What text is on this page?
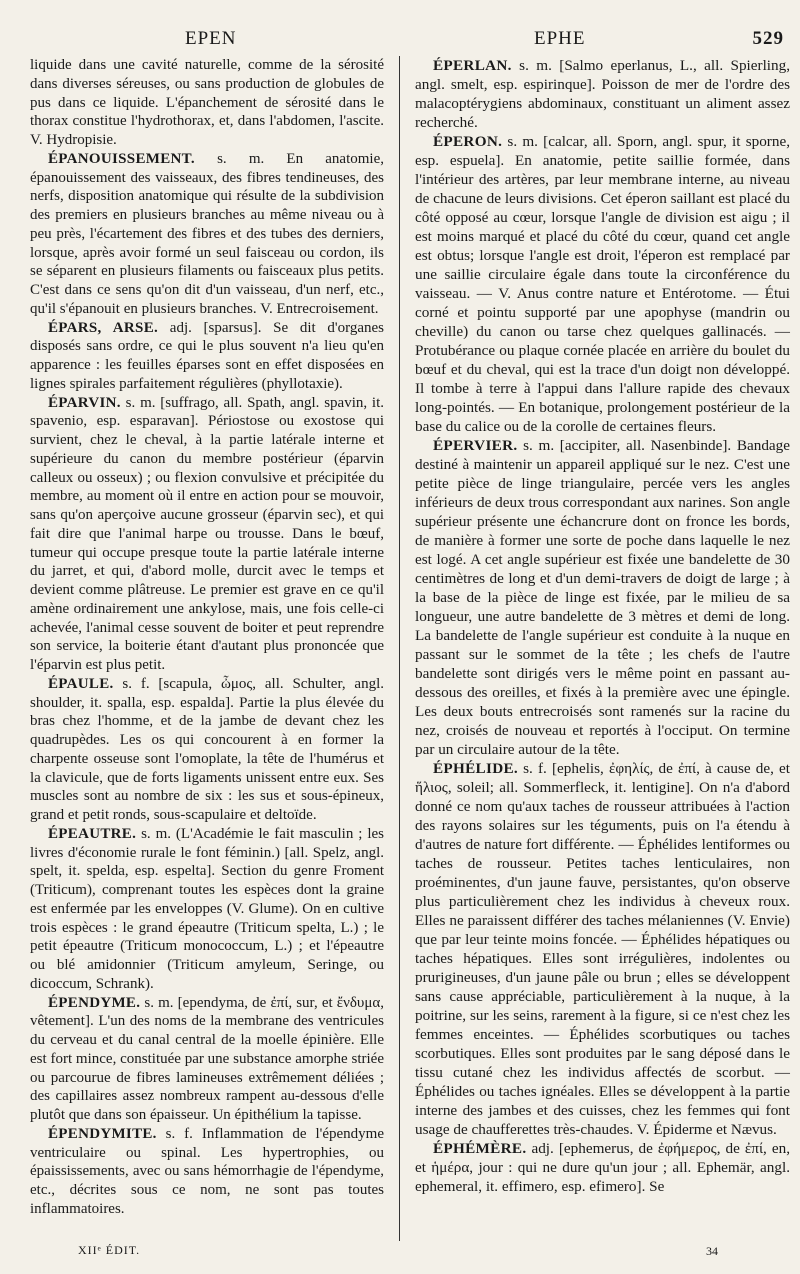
EPEN	EPHE	529

liquide dans une cavité naturelle, comme de la sérosité dans diverses séreuses, ou sans production de globules de pus dans ce liquide. L'épanchement de sérosité dans le thorax constitue l'hydrothorax, et, dans l'abdomen, l'ascite. V. Hydropisie.

ÉPANOUISSEMENT. s. m. En anatomie, épanouissement des vaisseaux, des fibres tendineuses, des nerfs, disposition anatomique qui résulte de la subdivision des premiers en plusieurs branches au même niveau ou à peu près, l'écartement des fibres et des tubes des derniers, lorsque, après avoir formé un seul faisceau ou cordon, ils se séparent en plusieurs filaments ou faisceaux plus petits. C'est dans ce sens qu'on dit d'un vaisseau, d'un nerf, etc., qu'il s'épanouit en plusieurs branches. V. Entrecroisement.

ÉPARS, ARSE. adj. [sparsus]. Se dit d'organes disposés sans ordre, ce qui le plus souvent n'a lieu qu'en apparence : les feuilles éparses sont en effet disposées en lignes spirales parfaitement régulières (phyllotaxie).

ÉPARVIN. s. m. [suffrago, all. Spath, angl. spavin, it. spavenio, esp. esparavan]. Périostose ou exostose qui survient, chez le cheval, à la partie latérale interne et supérieure du canon du membre postérieur (éparvin calleux ou osseux) ; ou flexion convulsive et précipitée du membre, au moment où il entre en action pour se mouvoir, sans qu'on aperçoive aucune grosseur (éparvin sec), et qui fait dire que l'animal harpe ou trousse. Dans le bœuf, tumeur qui occupe presque toute la partie latérale interne du jarret, et qui, d'abord molle, durcit avec le temps et devient comme plâtreuse. Le premier est grave en ce qu'il amène ordinairement une ankylose, mais, une fois celle-ci achevée, l'animal cesse souvent de boiter et peut reprendre son service, la boiterie étant d'autant plus prononcée que l'éparvin est plus petit.

ÉPAULE. s. f. [scapula, ὦμος, all. Schulter, angl. shoulder, it. spalla, esp. espalda]. Partie la plus élevée du bras chez l'homme, et de la jambe de devant chez les quadrupèdes. Les os qui concourent à en former la charpente osseuse sont l'omoplate, la tête de l'humérus et la clavicule, que de forts ligaments unissent entre eux. Ses muscles sont au nombre de six : les sus et sous-épineux, grand et petit ronds, sous-scapulaire et deltoïde.

ÉPEAUTRE. s. m. (L'Académie le fait masculin ; les livres d'économie rurale le font féminin.) [all. Spelz, angl. spelt, it. spelda, esp. espelta]. Section du genre Froment (Triticum), comprenant toutes les espèces dont la graine est enfermée par les enveloppes (V. Glume). On en cultive trois espèces : le grand épeautre (Triticum spelta, L.) ; le petit épeautre (Triticum monococcum, L.) ; et l'épeautre ou blé amidonnier (Triticum amyleum, Seringe, ou dicoccum, Schrank).

ÉPENDYME. s. m. [ependyma, de ἐπί, sur, et ἔνδυμα, vêtement]. L'un des noms de la membrane des ventricules du cerveau et du canal central de la moelle épinière. Elle est fort mince, constituée par une substance amorphe striée ou parcourue de fibres lamineuses extrêmement déliées ; des capillaires assez nombreux rampent au-dessous d'elle plutôt que dans son épaisseur. Un épithélium la tapisse.

ÉPENDYMITE. s. f. Inflammation de l'épendyme ventriculaire ou spinal. Les hypertrophies, ou épaississements, avec ou sans hémorrhagie de l'épendyme, etc., décrites sous ce nom, ne sont pas toutes inflammatoires.

ÉPERLAN. s. m. [Salmo eperlanus, L., all. Spierling, angl. smelt, esp. espirinque]. Poisson de mer de l'ordre des malacoptérygiens abdominaux, constituant un aliment assez recherché.

ÉPERON. s. m. [calcar, all. Sporn, angl. spur, it sporne, esp. espuela]. En anatomie, petite saillie formée, dans l'intérieur des artères, par leur membrane interne, au niveau de chacune de leurs divisions. Cet éperon saillant est placé du côté opposé au cœur, lorsque l'angle de division est aigu ; il est moins marqué et placé du côté du cœur, quand cet angle est obtus; lorsque l'angle est droit, l'éperon est remplacé par une saillie circulaire égale dans toute la circonférence du vaisseau. — V. Anus contre nature et Entérotome. — Étui corné et pointu supporté par une apophyse (mandrin ou cheville) du canon ou tarse chez quelques gallinacés. — Protubérance ou plaque cornée placée en arrière du boulet du bœuf et du cheval, qui est la trace d'un doigt non développé. Il tombe à terre à l'appui dans l'allure rapide des chevaux long-pointés. — En botanique, prolongement postérieur de la base du calice ou de la corolle de certaines fleurs.

ÉPERVIER. s. m. [accipiter, all. Nasenbinde]. Bandage destiné à maintenir un appareil appliqué sur le nez. C'est une petite pièce de linge triangulaire, percée vers les angles inférieurs de deux trous correspondant aux narines. Son angle supérieur présente une échancrure dont on fronce les bords, de manière à former une sorte de poche dans laquelle le nez est logé. A cet angle supérieur est fixée une bandelette de 30 centimètres de long et d'un demi-travers de doigt de large ; à la base de la pièce de linge est fixée, par le milieu de sa longueur, une autre bandelette de 3 mètres et demi de long. La bandelette de l'angle supérieur est conduite à la nuque en passant sur le sommet de la tête ; les chefs de l'autre bandelette sont dirigés vers le même point en passant au-dessous des oreilles, et fixés à la première avec une épingle. Les deux bouts entrecroisés sont ramenés sur la racine du nez, croisés de nouveau et reportés à l'occiput. On termine par un circulaire autour de la tête.

ÉPHÉLIDE. s. f. [ephelis, ἐφηλίς, de ἐπί, à cause de, et ἥλιος, soleil; all. Sommerfleck, it. lentigine]. On n'a d'abord donné ce nom qu'aux taches de rousseur attribuées à l'action des rayons solaires sur les téguments, puis on l'a étendu à d'autres de nature fort différente. — Éphélides lentiformes ou taches de rousseur. Petites taches lenticulaires, non proéminentes, d'un jaune fauve, persistantes, qu'on observe plus particulièrement chez les individus à cheveux roux. Elles ne paraissent différer des taches mélaniennes (V. Envie) que par leur teinte moins foncée. — Éphélides hépatiques ou taches hépatiques. Elles sont irrégulières, indolentes ou prurigineuses, d'un jaune pâle ou brun ; elles se développent sans cause appréciable, particulièrement à la nuque, à la poitrine, sur les seins, rarement à la figure, si ce n'est chez les femmes enceintes. — Éphélides scorbutiques ou taches scorbutiques. Elles sont produites par le sang déposé dans le tissu cutané chez les individus affectés de scorbut. — Éphélides ou taches ignéales. Elles se développent à la partie interne des jambes et des cuisses, chez les femmes qui font usage de chaufferettes très-chaudes. V. Épiderme et Nævus.

ÉPHÉMÈRE. adj. [ephemerus, de ἐφήμερος, de ἐπί, en, et ἡμέρα, jour : qui ne dure qu'un jour ; all. Ephemär, angl. ephemeral, it. effimero, esp. efimero]. Se

XIIᵉ ÉDIT.	34
